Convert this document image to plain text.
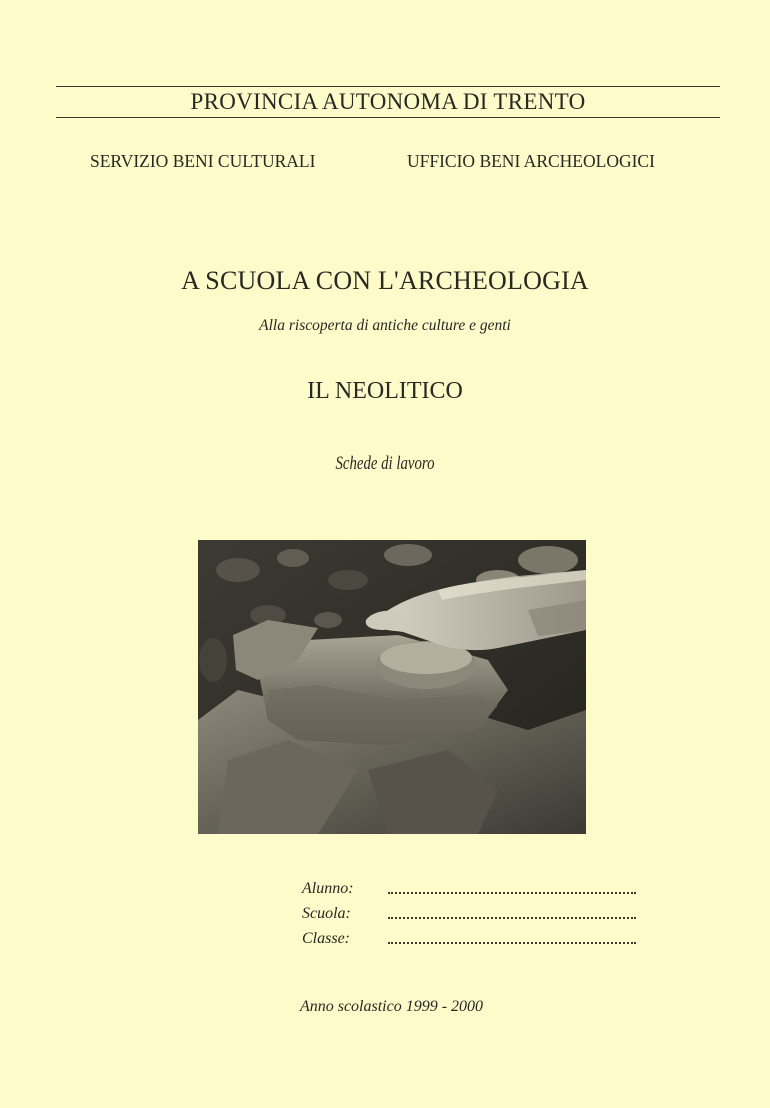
PROVINCIA AUTONOMA DI TRENTO
SERVIZIO BENI CULTURALI	UFFICIO BENI ARCHEOLOGICI
A SCUOLA CON L'ARCHEOLOGIA
Alla riscoperta di antiche culture e genti
IL NEOLITICO
Schede di lavoro
Alunno:
Scuola:
Classe:
Anno scolastico 1999 - 2000
